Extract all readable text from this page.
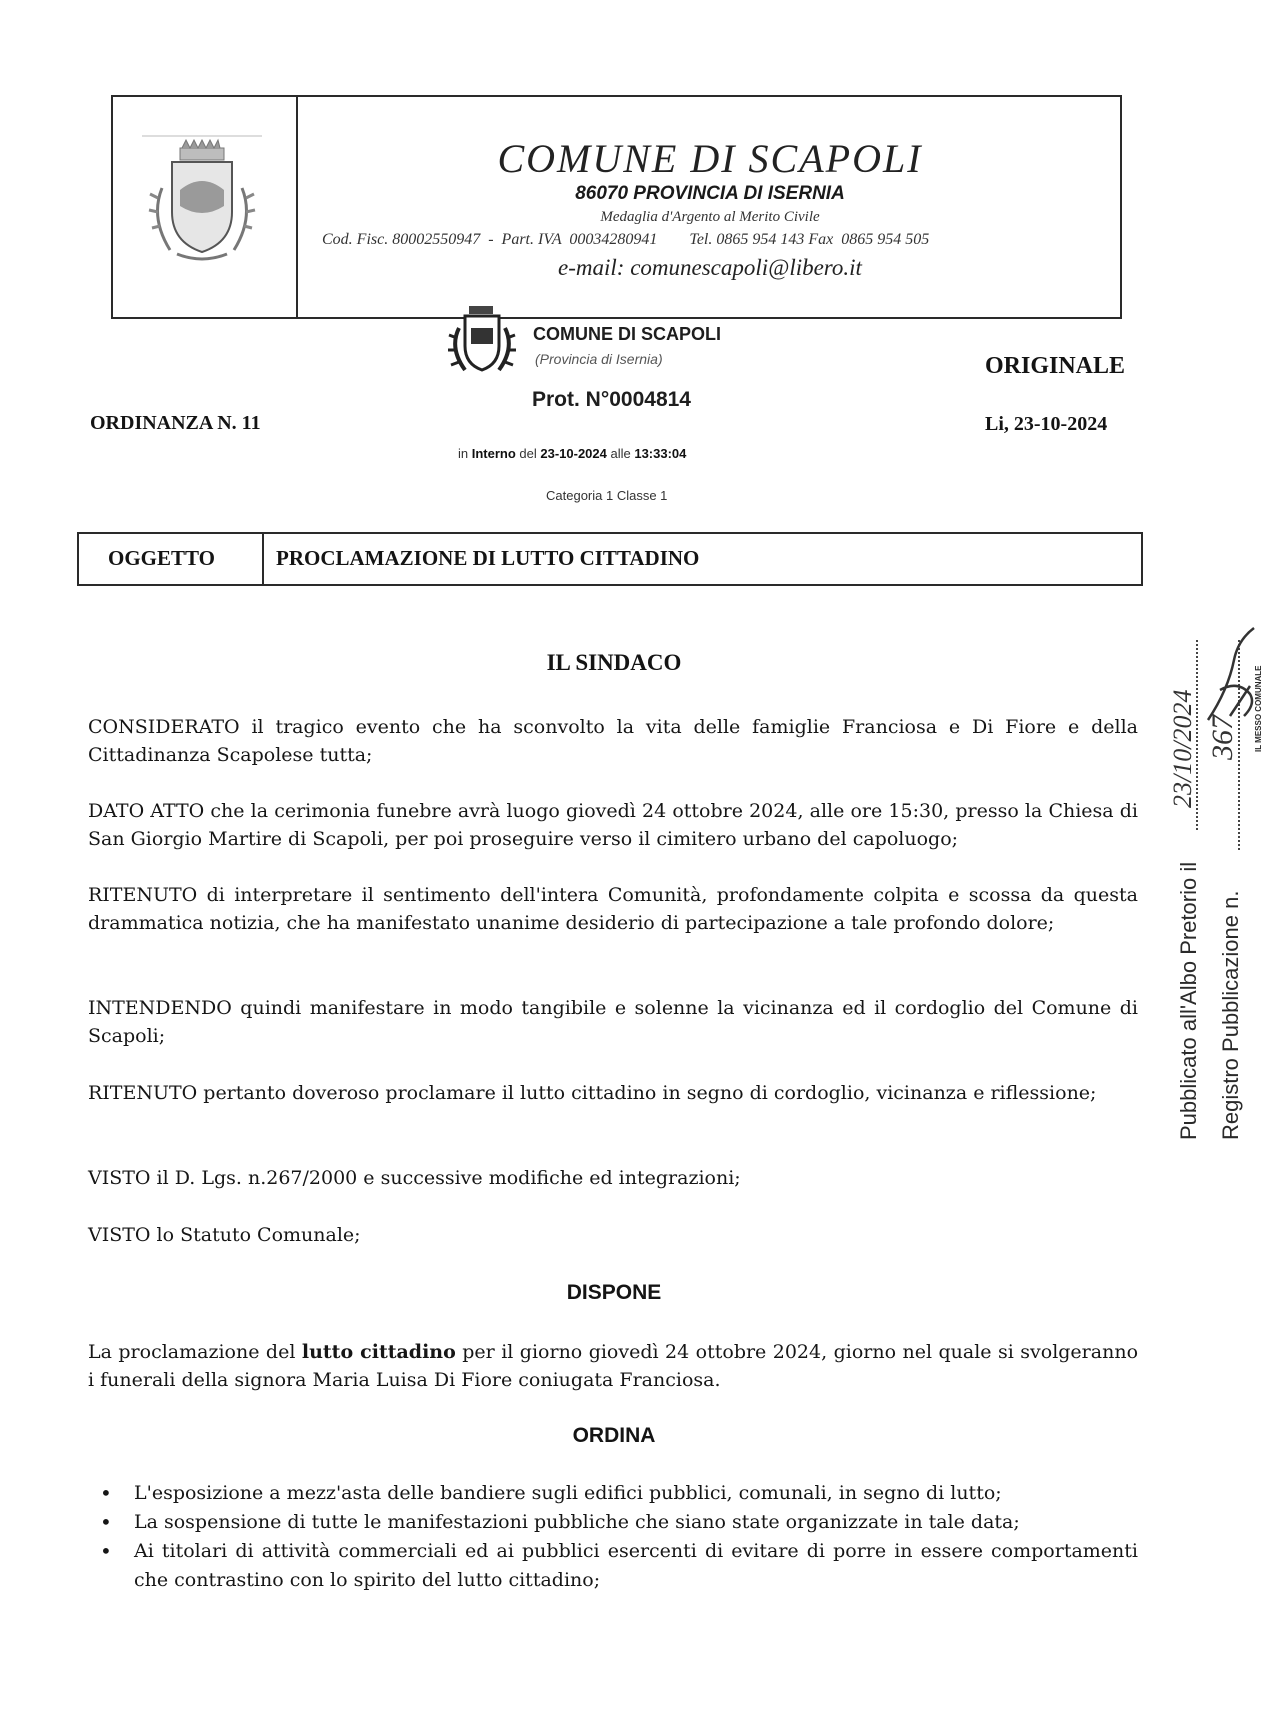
COMUNE DI SCAPOLI
86070 PROVINCIA DI ISERNIA
Medaglia d'Argento al Merito Civile
Cod. Fisc. 80002550947  -  Part. IVA  00034280941        Tel. 0865 954 143 Fax  0865 954 505
e-mail: comunescapoli@libero.it
COMUNE DI SCAPOLI
(Provincia di Isernia)
Prot. N°0004814
in Interno del 23-10-2024 alle 13:33:04
Categoria 1 Classe 1
ORIGINALE
ORDINANZA N. 11	Li, 23-10-2024
OGGETTO	PROCLAMAZIONE DI LUTTO CITTADINO
IL SINDACO
CONSIDERATO il tragico evento che ha sconvolto la vita delle famiglie Franciosa e Di Fiore e della Cittadinanza Scapolese tutta;
DATO ATTO che la cerimonia funebre avrà luogo giovedì 24 ottobre 2024, alle ore 15:30, presso la Chiesa di San Giorgio Martire di Scapoli, per poi proseguire verso il cimitero urbano del capoluogo;
RITENUTO di interpretare il sentimento dell'intera Comunità, profondamente colpita e scossa da questa drammatica notizia, che ha manifestato unanime desiderio di partecipazione a tale profondo dolore;
INTENDENDO quindi manifestare in modo tangibile e solenne la vicinanza ed il cordoglio del Comune di Scapoli;
RITENUTO pertanto doveroso proclamare il lutto cittadino in segno di cordoglio, vicinanza e riflessione;
VISTO il D. Lgs. n.267/2000 e successive modifiche ed integrazioni;
VISTO lo Statuto Comunale;
DISPONE
La proclamazione del lutto cittadino per il giorno giovedì 24 ottobre 2024, giorno nel quale si svolgeranno i funerali della signora Maria Luisa Di Fiore coniugata Franciosa.
ORDINA
• L'esposizione a mezz'asta delle bandiere sugli edifici pubblici, comunali, in segno di lutto;
• La sospensione di tutte le manifestazioni pubbliche che siano state organizzate in tale data;
• Ai titolari di attività commerciali ed ai pubblici esercenti di evitare di porre in essere comportamenti che contrastino con lo spirito del lutto cittadino;
Pubblicato all'Albo Pretorio il Registro Pubblicazione n.
23/10/2024 367 IL MESSO COMUNALE
